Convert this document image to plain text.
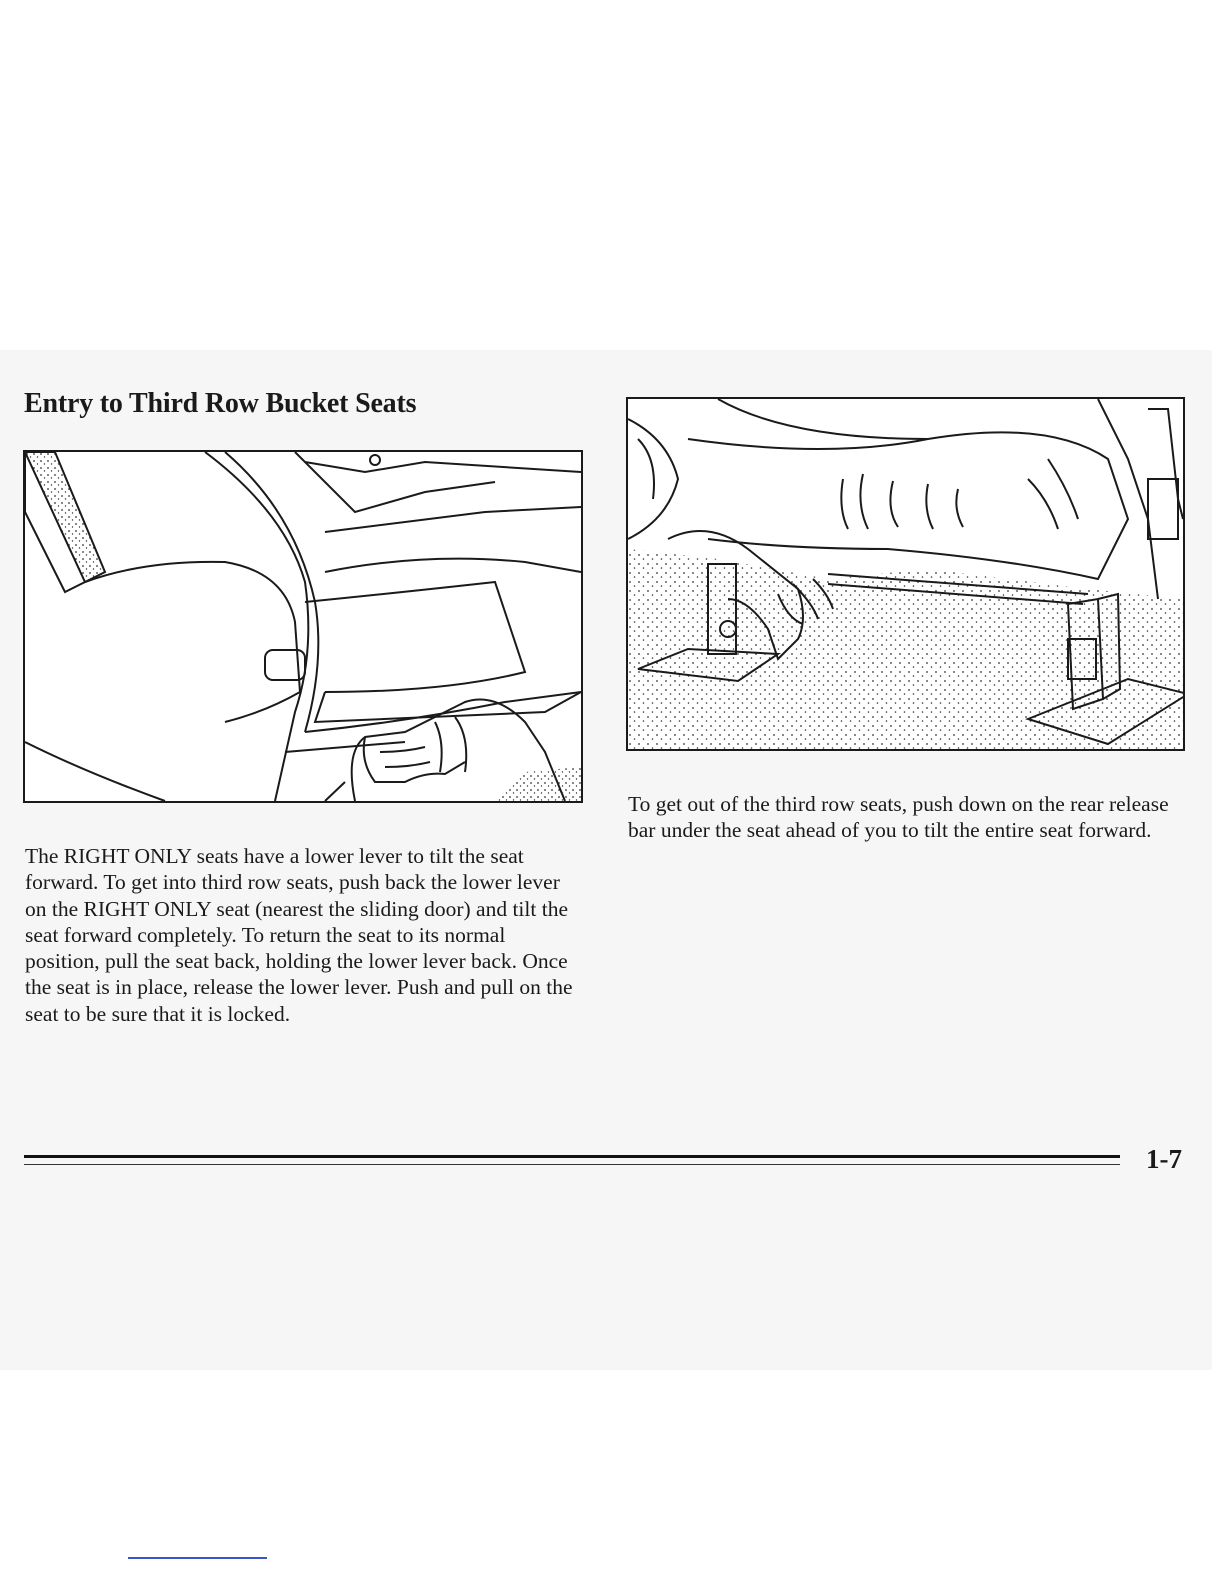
Entry to Third Row Bucket Seats

The RIGHT ONLY seats have a lower lever to tilt the seat forward. To get into third row seats, push back the lower lever on the RIGHT ONLY seat (nearest the sliding door) and tilt the seat forward completely. To return the seat to its normal position, pull the seat back, holding the lower lever back. Once the seat is in place, release the lower lever. Push and pull on the seat to be sure that it is locked.

To get out of the third row seats, push down on the rear release bar under the seat ahead of you to tilt the entire seat forward.

1-7
